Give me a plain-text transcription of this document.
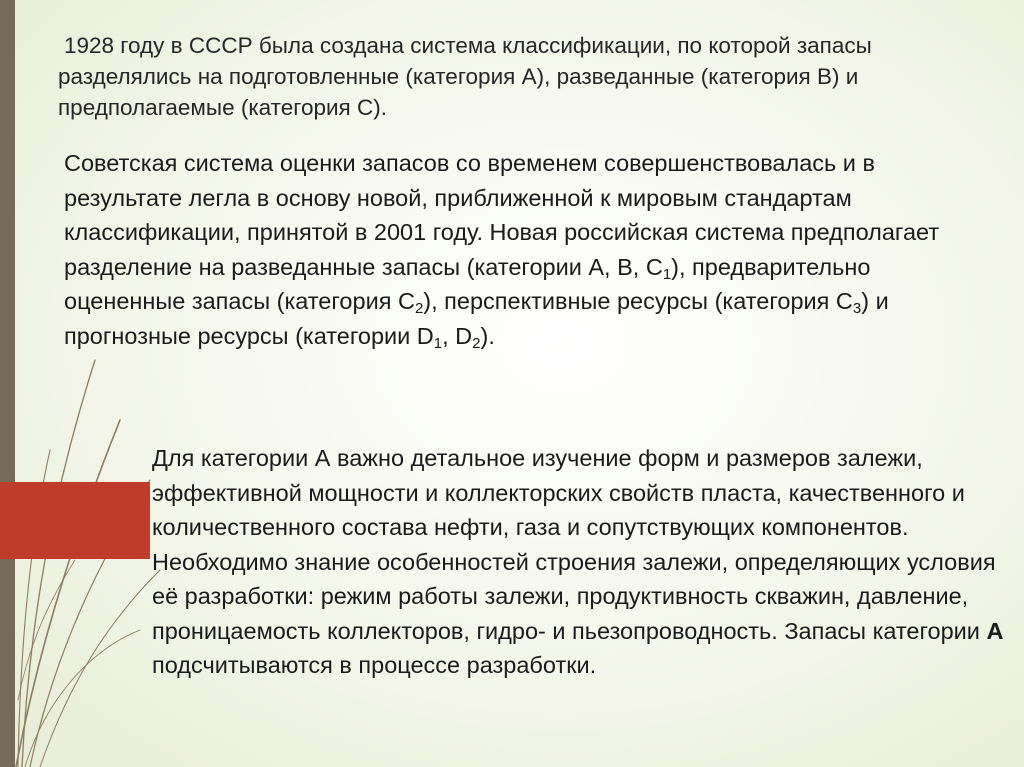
1928 году в СССР была создана система классификации, по которой запасы разделялись на подготовленные (категория А), разведанные (категория В) и предполагаемые (категория С).

Советская система оценки запасов со временем совершенствовалась и в результате легла в основу новой, приближенной к мировым стандартам классификации, принятой в 2001 году. Новая российская система предполагает разделение на разведанные запасы (категории А, В, $С_1$), предварительно оцененные запасы (категория $С_2$), перспективные ресурсы (категория $С_3$) и прогнозные ресурсы (категории $D_1$, $D_2$).

Для категории А важно детальное изучение форм и размеров залежи, эффективной мощности и коллекторских свойств пласта, качественного и количественного состава нефти, газа и сопутствующих компонентов. Необходимо знание особенностей строения залежи, определяющих условия её разработки: режим работы залежи, продуктивность скважин, давление, проницаемость коллекторов, гидро- и пьезопроводность. Запасы категории А подсчитываются в процессе разработки.
